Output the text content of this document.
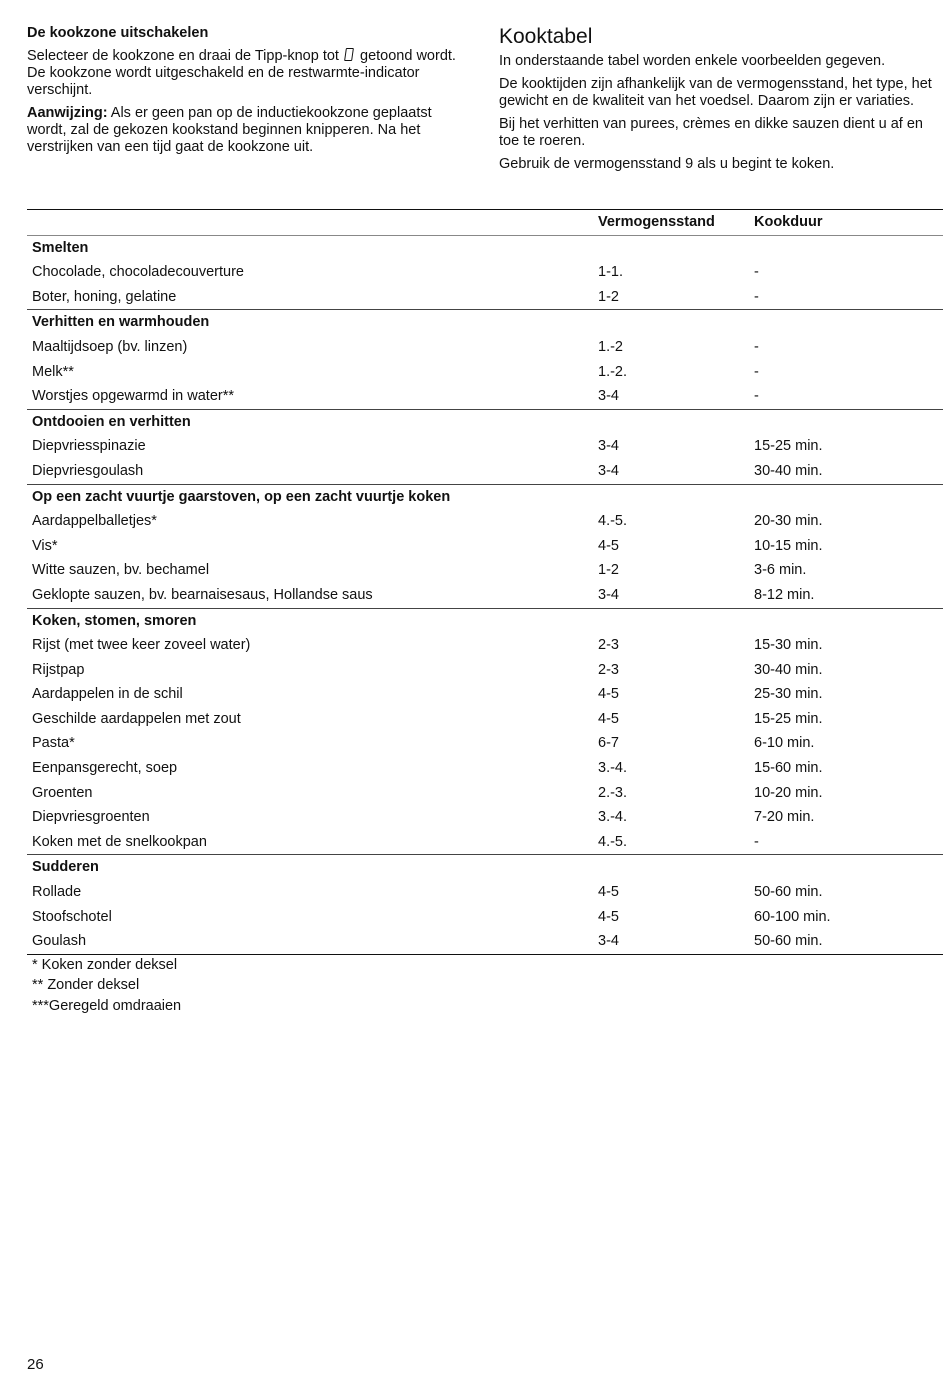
De kookzone uitschakelen
Selecteer de kookzone en draai de Tipp-knop tot  getoond wordt. De kookzone wordt uitgeschakeld en de restwarmte-indicator verschijnt.
Aanwijzing: Als er geen pan op de inductiekookzone geplaatst wordt, zal de gekozen kookstand beginnen knipperen. Na het verstrijken van een tijd gaat de kookzone uit.
Kooktabel
In onderstaande tabel worden enkele voorbeelden gegeven.
De kooktijden zijn afhankelijk van de vermogensstand, het type, het gewicht en de kwaliteit van het voedsel. Daarom zijn er variaties.
Bij het verhitten van purees, crèmes en dikke sauzen dient u af en toe te roeren.
Gebruik de vermogensstand 9 als u begint te koken.
Vermogensstand	Kookduur
Smelten
Chocolade, chocoladecouverture	1-1.	-
Boter, honing, gelatine	1-2	-
Verhitten en warmhouden
Maaltijdsoep (bv. linzen)	1.-2	-
Melk**	1.-2.	-
Worstjes opgewarmd in water**	3-4	-
Ontdooien en verhitten
Diepvriesspinazie	3-4	15-25 min.
Diepvriesgoulash	3-4	30-40 min.
Op een zacht vuurtje gaarstoven, op een zacht vuurtje koken
Aardappelballetjes*	4.-5.	20-30 min.
Vis*	4-5	10-15 min.
Witte sauzen, bv. bechamel	1-2	3-6 min.
Geklopte sauzen, bv. bearnaisesaus, Hollandse saus	3-4	8-12 min.
Koken, stomen, smoren
Rijst (met twee keer zoveel water)	2-3	15-30 min.
Rijstpap	2-3	30-40 min.
Aardappelen in de schil	4-5	25-30 min.
Geschilde aardappelen met zout	4-5	15-25 min.
Pasta*	6-7	6-10 min.
Eenpansgerecht, soep	3.-4.	15-60 min.
Groenten	2.-3.	10-20 min.
Diepvriesgroenten	3.-4.	7-20 min.
Koken met de snelkookpan	4.-5.	-
Sudderen
Rollade	4-5	50-60 min.
Stoofschotel	4-5	60-100 min.
Goulash	3-4	50-60 min.
* Koken zonder deksel
** Zonder deksel
***Geregeld omdraaien
26
